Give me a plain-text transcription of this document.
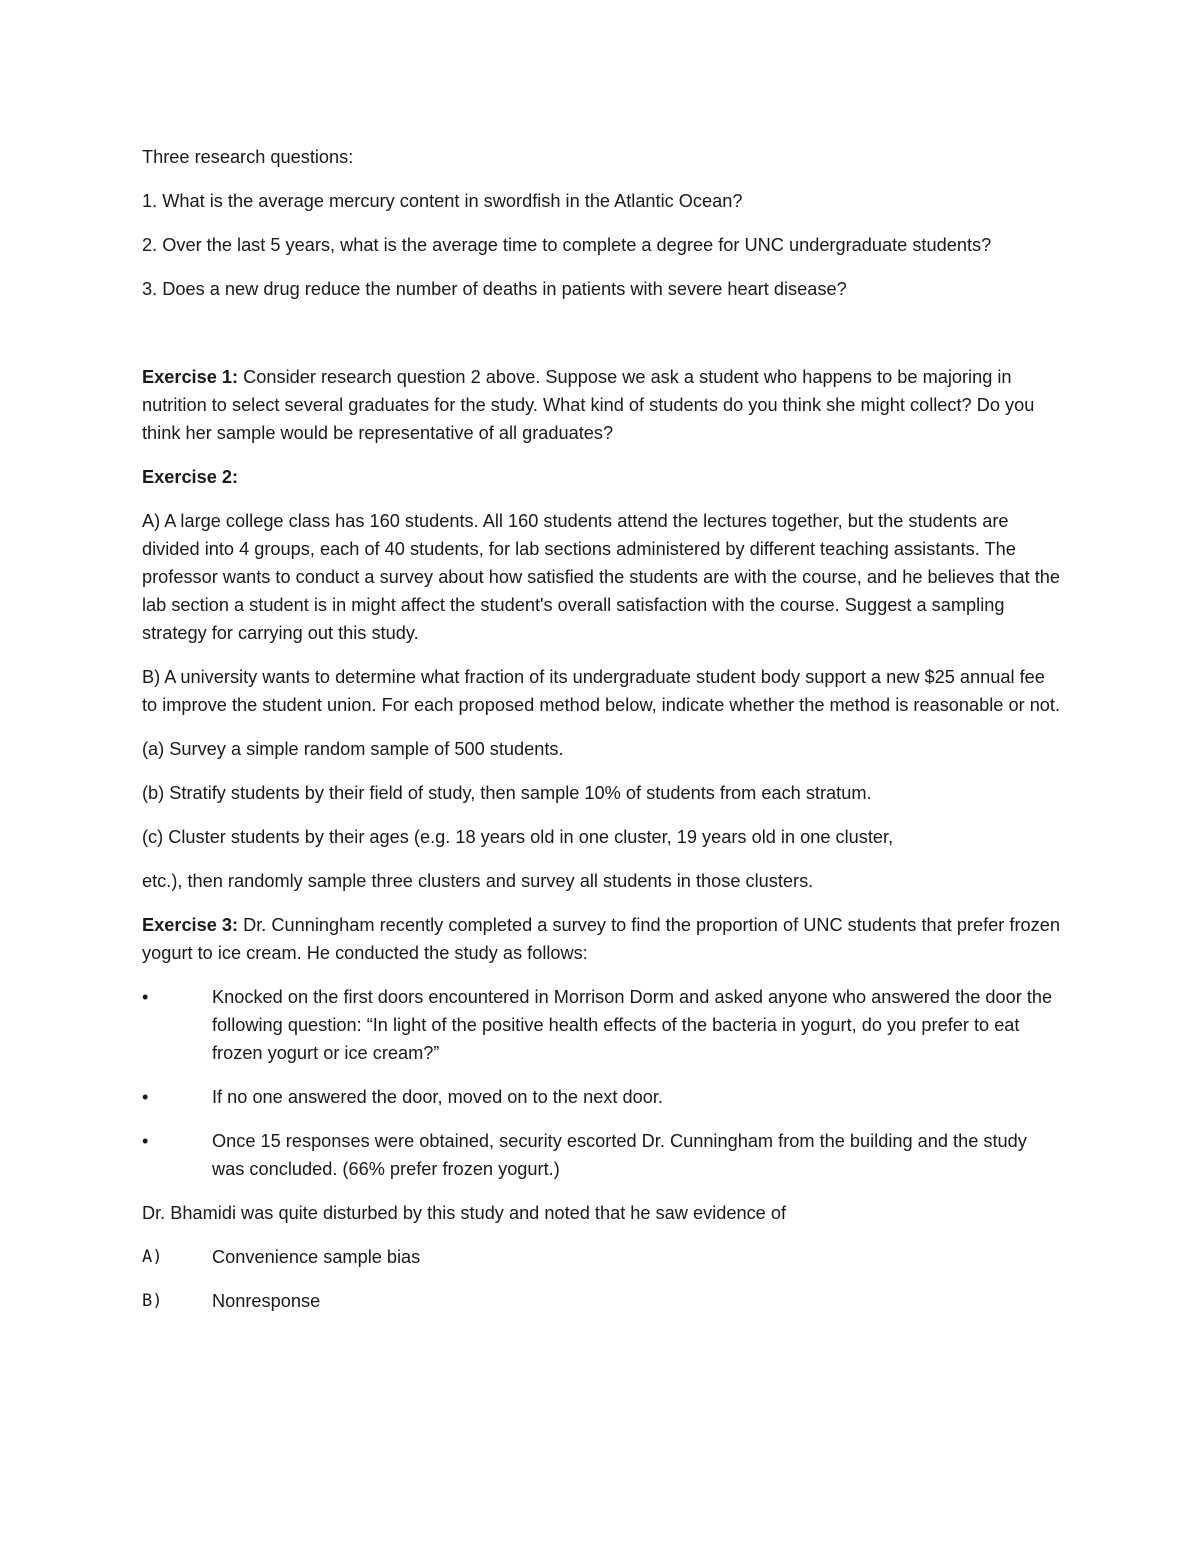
Three research questions:

1. What is the average mercury content in swordfish in the Atlantic Ocean?

2. Over the last 5 years, what is the average time to complete a degree for UNC undergraduate students?

3. Does a new drug reduce the number of deaths in patients with severe heart disease?

Exercise 1: Consider research question 2 above. Suppose we ask a student who happens to be majoring in nutrition to select several graduates for the study. What kind of students do you think she might collect? Do you think her sample would be representative of all graduates?

Exercise 2:

A) A large college class has 160 students. All 160 students attend the lectures together, but the students are divided into 4 groups, each of 40 students, for lab sections administered by different teaching assistants. The professor wants to conduct a survey about how satisfied the students are with the course, and he believes that the lab section a student is in might affect the student's overall satisfaction with the course. Suggest a sampling strategy for carrying out this study.

B) A university wants to determine what fraction of its undergraduate student body support a new $25 annual fee to improve the student union. For each proposed method below, indicate whether the method is reasonable or not.

(a) Survey a simple random sample of 500 students.

(b) Stratify students by their field of study, then sample 10% of students from each stratum.

(c) Cluster students by their ages (e.g. 18 years old in one cluster, 19 years old in one cluster,

etc.), then randomly sample three clusters and survey all students in those clusters.

Exercise 3: Dr. Cunningham recently completed a survey to find the proportion of UNC students that prefer frozen yogurt to ice cream. He conducted the study as follows:

•	Knocked on the first doors encountered in Morrison Dorm and asked anyone who answered the door the following question: “In light of the positive health effects of the bacteria in yogurt, do you prefer to eat frozen yogurt or ice cream?”
•	If no one answered the door, moved on to the next door.
•	Once 15 responses were obtained, security escorted Dr. Cunningham from the building and the study was concluded. (66% prefer frozen yogurt.)

Dr. Bhamidi was quite disturbed by this study and noted that he saw evidence of

A)	Convenience sample bias
B)	Nonresponse
